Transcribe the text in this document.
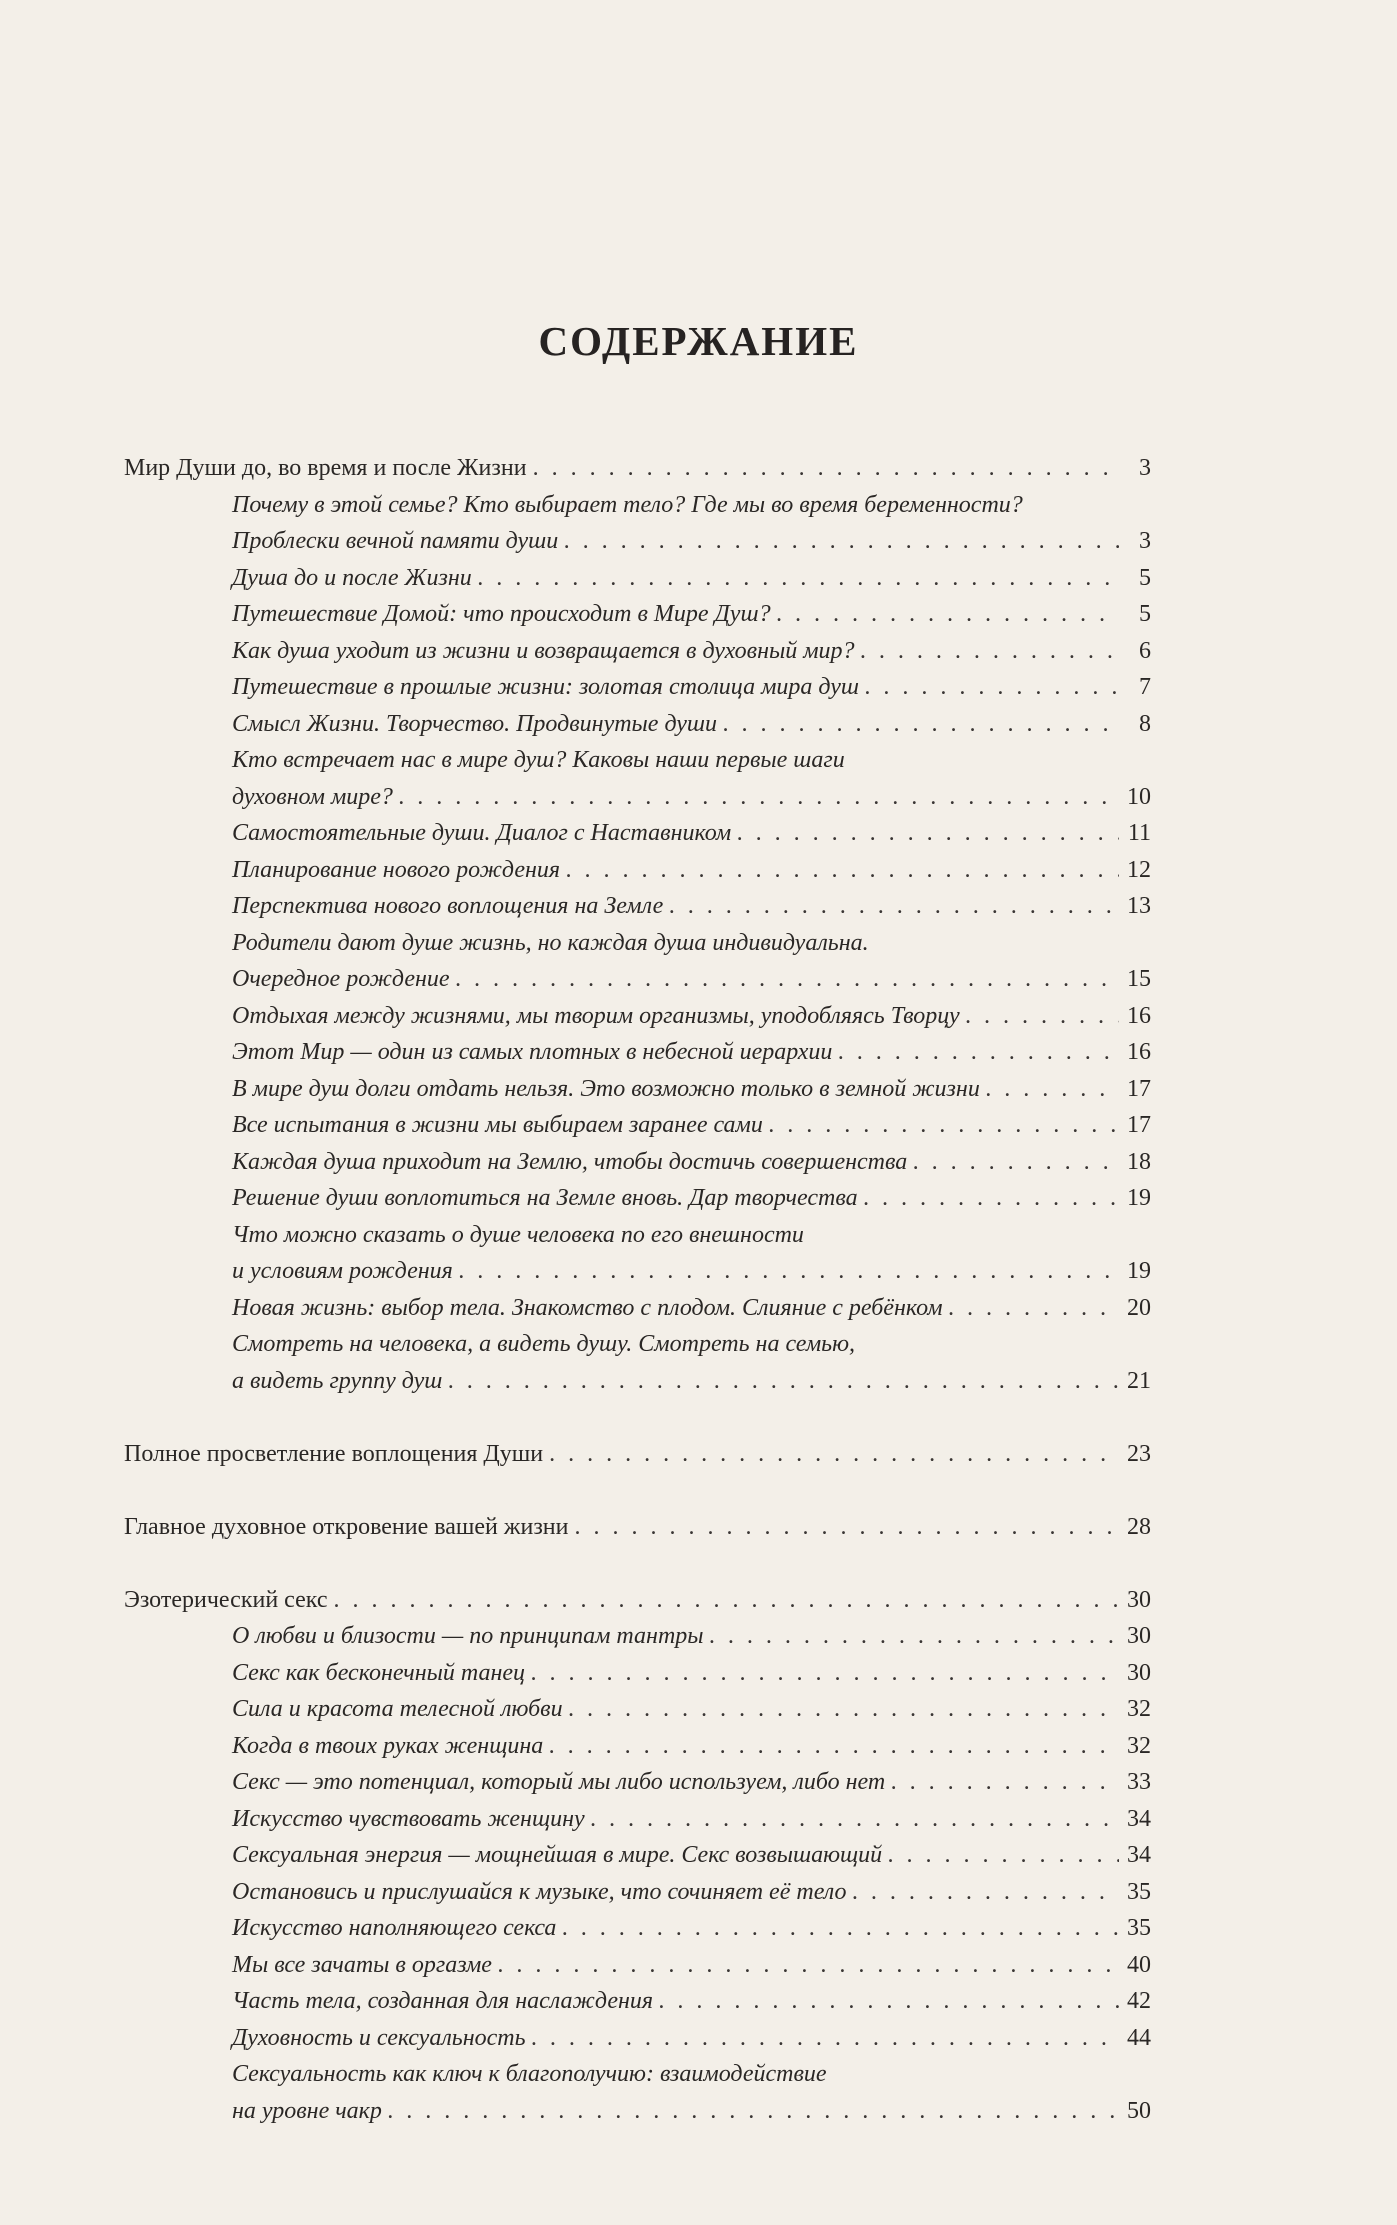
СОДЕРЖАНИЕ
Мир Души до, во время и после Жизни . . .	3
Почему в этой семье? Кто выбирает тело? Где мы во время беременности?
Проблески вечной памяти души . . .	3
Душа до и после Жизни . . .	5
Путешествие Домой: что происходит в Мире Душ? . . .	5
Как душа уходит из жизни и возвращается в духовный мир? . . .	6
Путешествие в прошлые жизни: золотая столица мира душ . . .	7
Смысл Жизни. Творчество. Продвинутые души . . .	8
Кто встречает нас в мире душ? Каковы наши первые шаги
духовном мире? . . .	10
Самостоятельные души. Диалог с Наставником . . .	11
Планирование нового рождения . . .	12
Перспектива нового воплощения на Земле . . .	13
Родители дают душе жизнь, но каждая душа индивидуальна.
Очередное рождение . . .	15
Отдыхая между жизнями, мы творим организмы, уподобляясь Творцу . . .	16
Этот Мир — один из самых плотных в небесной иерархии . . .	16
В мире душ долги отдать нельзя. Это возможно только в земной жизни . . .	17
Все испытания в жизни мы выбираем заранее сами . . .	17
Каждая душа приходит на Землю, чтобы достичь совершенства . . .	18
Решение души воплотиться на Земле вновь. Дар творчества . . .	19
Что можно сказать о душе человека по его внешности
и условиям рождения . . .	19
Новая жизнь: выбор тела. Знакомство с плодом. Слияние с ребёнком . . .	20
Смотреть на человека, а видеть душу. Смотреть на семью,
а видеть группу душ . . .	21
Полное просветление воплощения Души . . .	23
Главное духовное откровение вашей жизни . . .	28
Эзотерический секс . . .	30
О любви и близости — по принципам тантры . . .	30
Секс как бесконечный танец . . .	30
Сила и красота телесной любви . . .	32
Когда в твоих руках женщина . . .	32
Секс — это потенциал, который мы либо используем, либо нет . . .	33
Искусство чувствовать женщину . . .	34
Сексуальная энергия — мощнейшая в мире. Секс возвышающий . . .	34
Остановись и прислушайся к музыке, что сочиняет её тело . . .	35
Искусство наполняющего секса . . .	35
Мы все зачаты в оргазме . . .	40
Часть тела, созданная для наслаждения . . .	42
Духовность и сексуальность . . .	44
Сексуальность как ключ к благополучию: взаимодействие
на уровне чакр . . .	50
